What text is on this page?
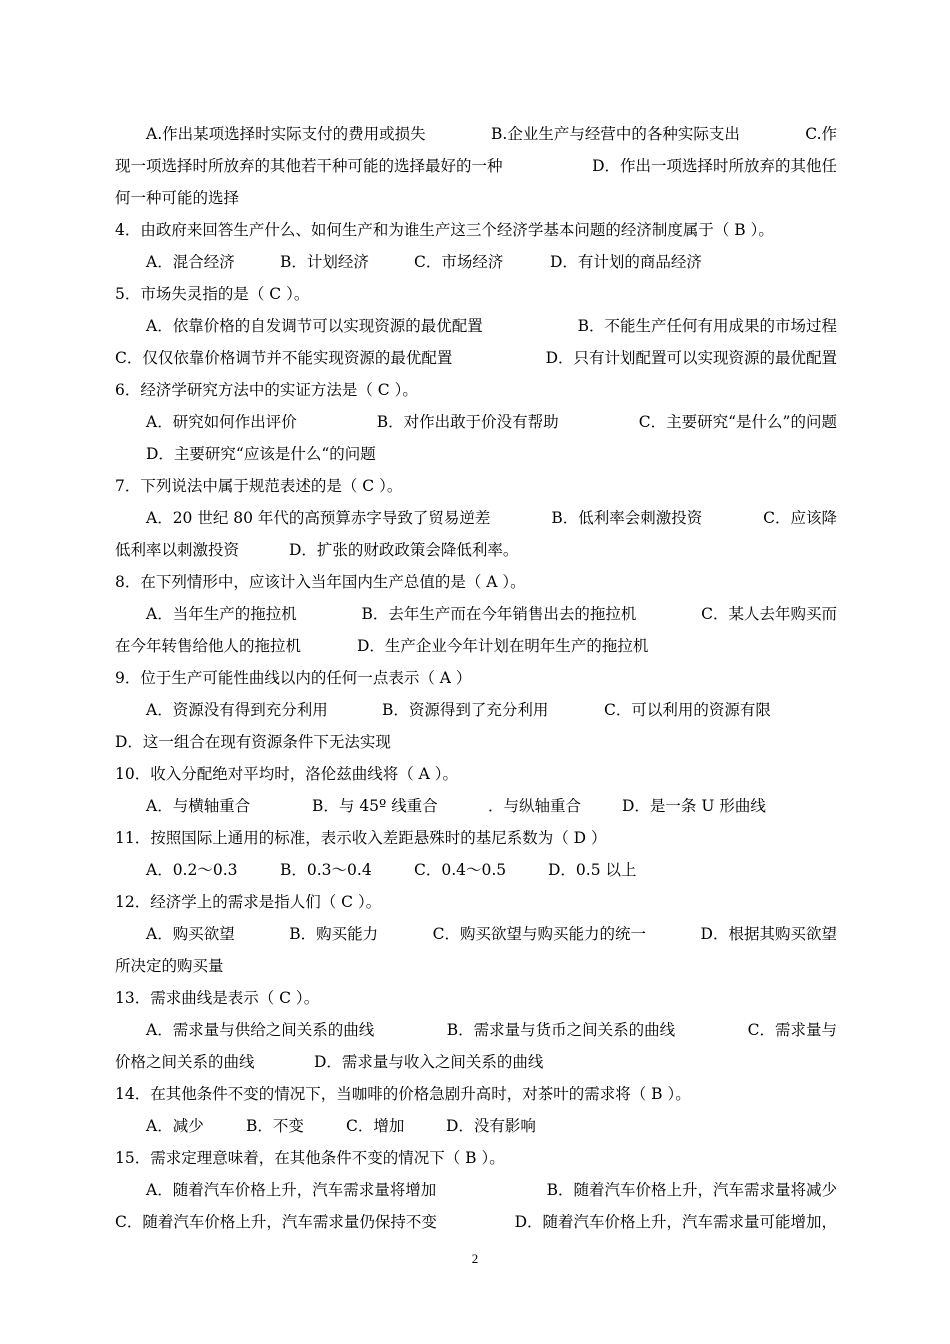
A.作出某项选择时实际支付的费用或损失	B.企业生产与经营中的各种实际支出	C.作
现一项选择时所放弃的其他若干种可能的选择最好的一种	D．作出一项选择时所放弃的其他任
何一种可能的选择
4．由政府来回答生产什么、如何生产和为谁生产这三个经济学基本问题的经济制度属于（ B ）。
A．混合经济	B．计划经济	C．市场经济	D．有计划的商品经济
5．市场失灵指的是（ C ）。
A．依靠价格的自发调节可以实现资源的最优配置	B．不能生产任何有用成果的市场过程
C．仅仅依靠价格调节并不能实现资源的最优配置	D．只有计划配置可以实现资源的最优配置
6．经济学研究方法中的实证方法是（ C ）。
A．研究如何作出评价	B．对作出敢于价没有帮助	C．主要研究“是什么”的问题
D．主要研究“应该是什么“的问题
7．下列说法中属于规范表述的是（ C ）。
A．20 世纪 80 年代的高预算赤字导致了贸易逆差	B．低利率会刺激投资	C．应该降
低利率以刺激投资	D．扩张的财政政策会降低利率。
8．在下列情形中，应该计入当年国内生产总值的是（ A ）。
A．当年生产的拖拉机	B．去年生产而在今年销售出去的拖拉机	C．某人去年购买而
在今年转售给他人的拖拉机	D．生产企业今年计划在明年生产的拖拉机
9．位于生产可能性曲线以内的任何一点表示（ A ）
A．资源没有得到充分利用	B．资源得到了充分利用	C．可以利用的资源有限
D．这一组合在现有资源条件下无法实现
10．收入分配绝对平均时，洛伦兹曲线将（ A ）。
A．与横轴重合	B．与 45º 线重合	．与纵轴重合	D．是一条 U 形曲线
11．按照国际上通用的标准，表示收入差距悬殊时的基尼系数为（ D ）
A．0.2～0.3	B．0.3～0.4	C．0.4～0.5	D．0.5 以上
12．经济学上的需求是指人们（ C ）。
A．购买欲望	B．购买能力	C．购买欲望与购买能力的统一	D．根据其购买欲望
所决定的购买量
13．需求曲线是表示（ C ）。
A．需求量与供给之间关系的曲线	B．需求量与货币之间关系的曲线	C．需求量与
价格之间关系的曲线	D．需求量与收入之间关系的曲线
14．在其他条件不变的情况下，当咖啡的价格急剧升高时，对茶叶的需求将（ B ）。
A．减少	B．不变	C．增加	D．没有影响
15．需求定理意味着，在其他条件不变的情况下（ B ）。
A．随着汽车价格上升，汽车需求量将增加	B．随着汽车价格上升，汽车需求量将减少
C．随着汽车价格上升，汽车需求量仍保持不变	D．随着汽车价格上升，汽车需求量可能增加，
2
